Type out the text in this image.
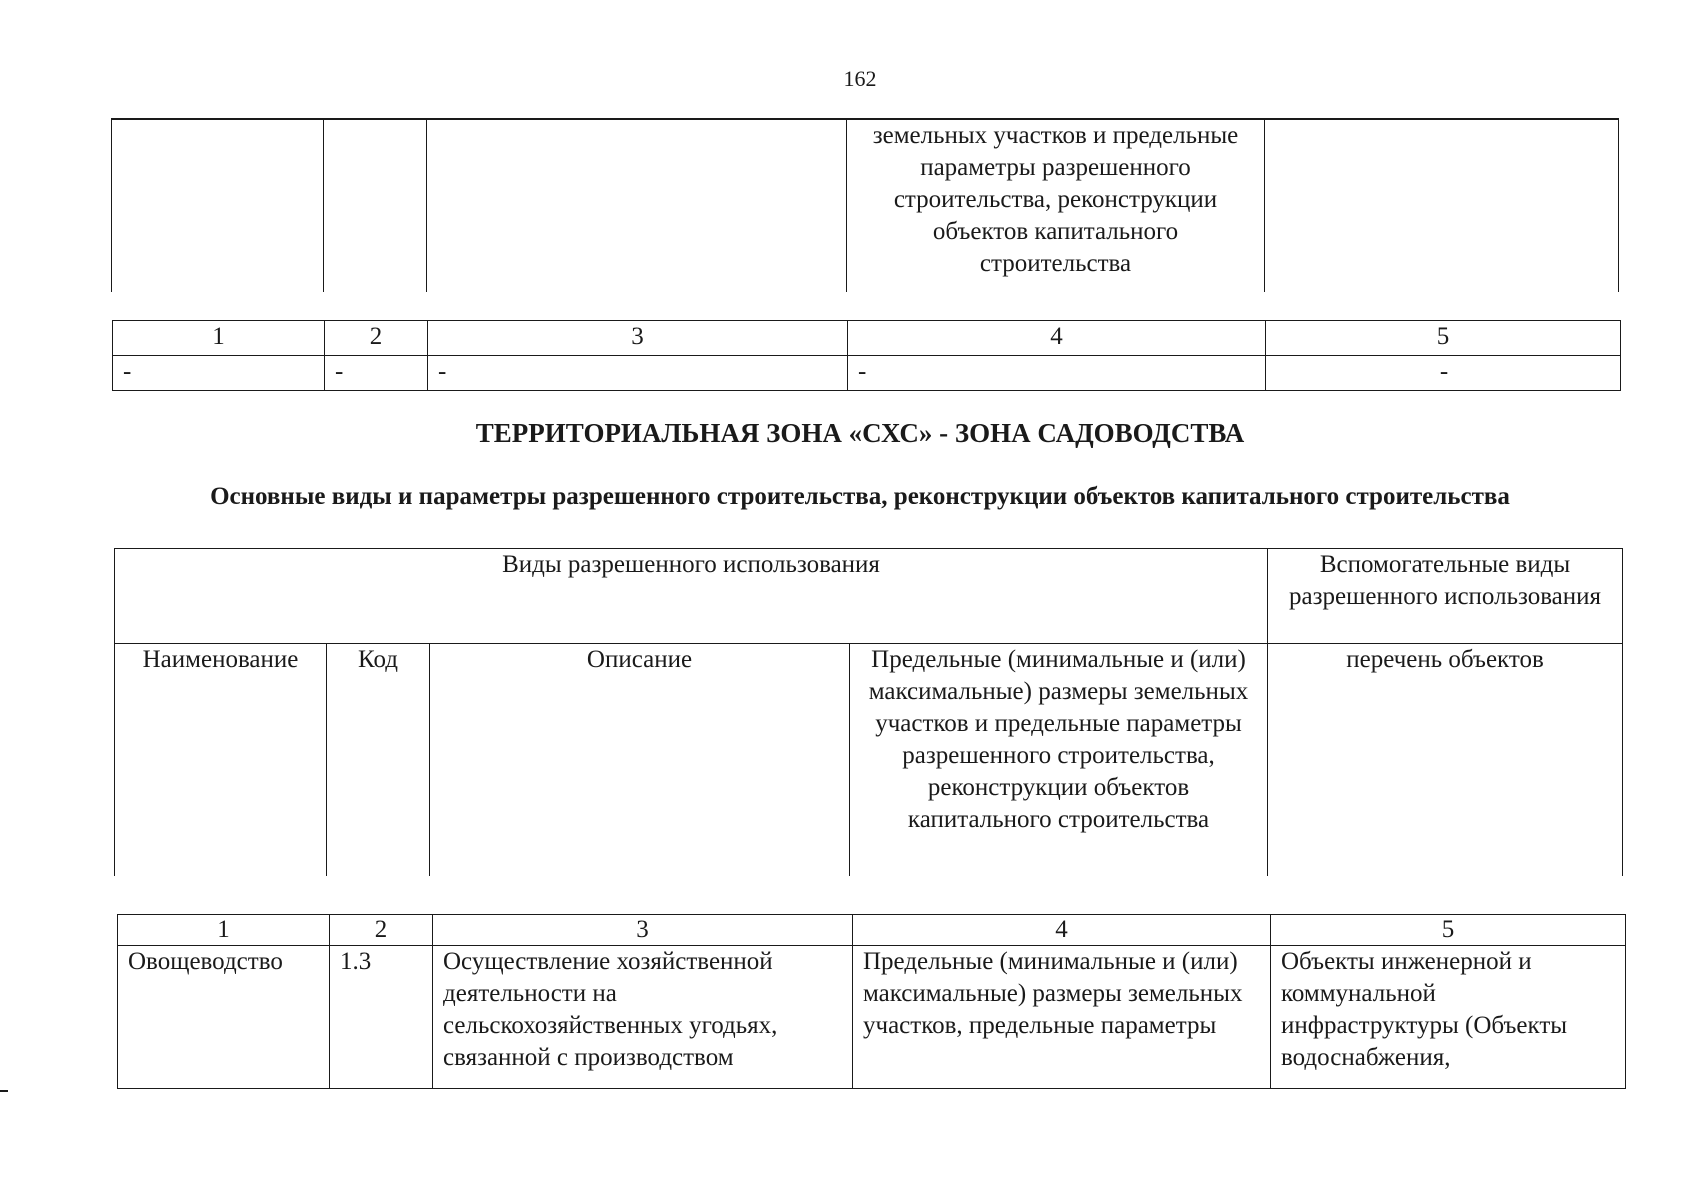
162
			земельных участков и предельные параметры разрешенного строительства, реконструкции объектов капитального строительства	
1	2	3	4	5
-	-	-	-	-
ТЕРРИТОРИАЛЬНАЯ ЗОНА «СХС» - ЗОНА САДОВОДСТВА
Основные виды и параметры разрешенного строительства, реконструкции объектов капитального строительства
Виды разрешенного использования				Вспомогательные виды разрешенного использования
Наименование	Код	Описание	Предельные (минимальные и (или) максимальные) размеры земельных участков и предельные параметры разрешенного строительства, реконструкции объектов капитального строительства	перечень объектов
1	2	3	4	5
Овощеводство	1.3	Осуществление хозяйственной деятельности на сельскохозяйственных угодьях, связанной с производством	Предельные (минимальные и (или) максимальные) размеры земельных участков, предельные параметры	Объекты инженерной и коммунальной инфраструктуры (Объекты водоснабжения,
